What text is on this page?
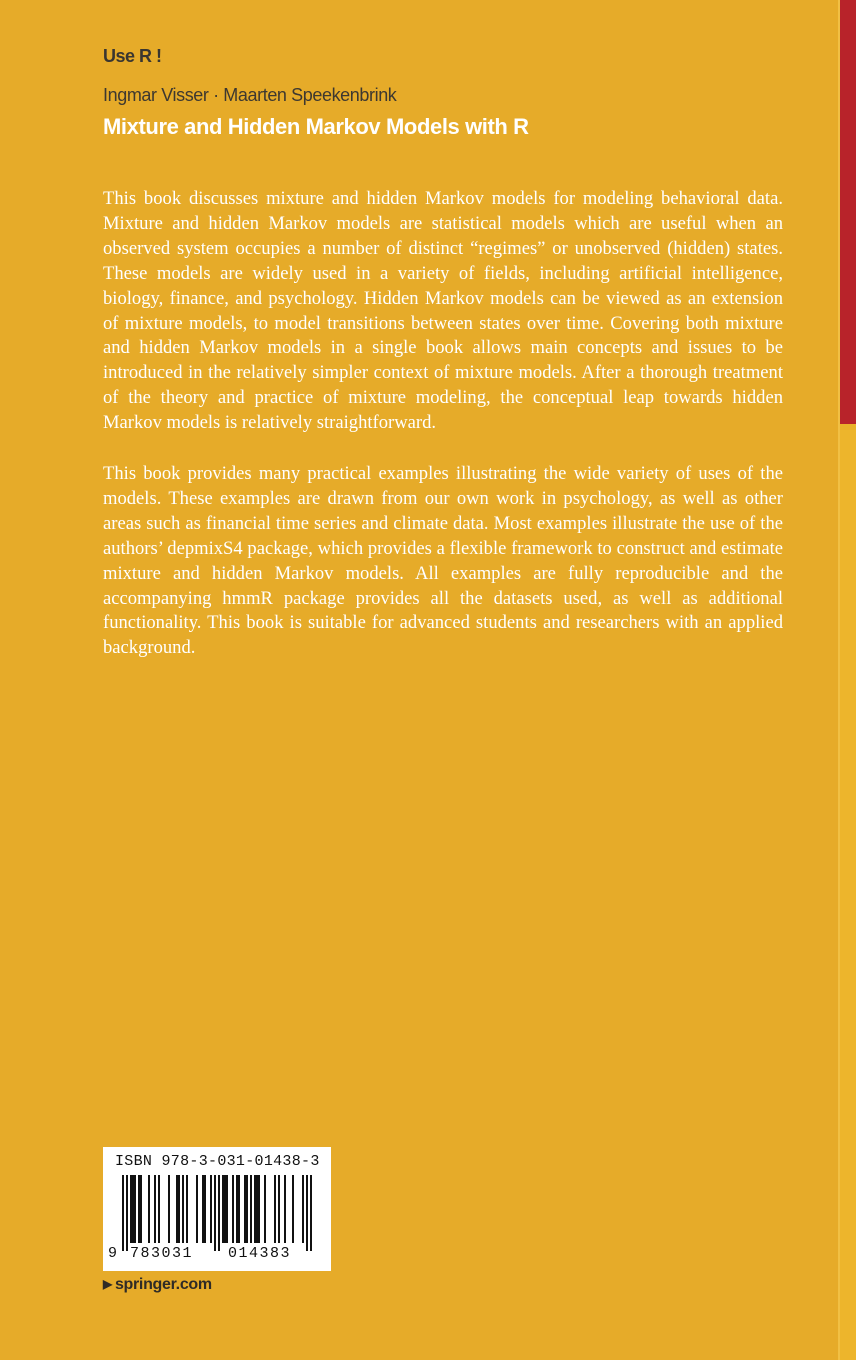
Use R !
Ingmar Visser · Maarten Speekenbrink
Mixture and Hidden Markov Models with R

This book discusses mixture and hidden Markov models for modeling behavioral data. Mixture and hidden Markov models are statistical models which are useful when an observed system occupies a number of distinct “regimes” or unobserved (hidden) states. These models are widely used in a variety of fields, including artificial intelligence, biology, finance, and psychology. Hidden Markov models can be viewed as an extension of mixture models, to model transitions between states over time. Covering both mixture and hidden Markov models in a single book allows main concepts and issues to be introduced in the relatively simpler context of mixture models. After a thorough treatment of the theory and practice of mixture modeling, the conceptual leap towards hidden Markov models is relatively straightforward.

This book provides many practical examples illustrating the wide variety of uses of the models. These examples are drawn from our own work in psychology, as well as other areas such as financial time series and climate data. Most examples illustrate the use of the authors’ depmixS4 package, which provides a flexible framework to construct and estimate mixture and hidden Markov models. All examples are fully reproducible and the accompanying hmmR package provides all the datasets used, as well as additional functionality. This book is suitable for advanced students and researchers with an applied background.

ISBN 978-3-031-01438-3
9 783031 014383
▶ springer.com
